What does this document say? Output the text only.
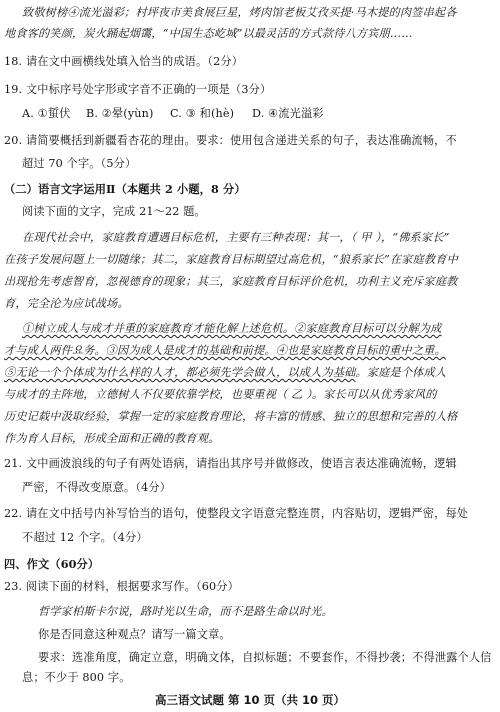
致敬树榜④流光溢彩；村坪夜市美食展巨星，烤肉馆老板艾孜买提·马木提的肉签串起各
地食客的笑颜，炭火踊起烟霭，“中国生态屹城”以最灵活的方式款待八方宾朋……
18. 请在文中画横线处填入恰当的成语。（2分）
19. 文中标序号处字形或字音不正确的一项是（3分）
A. ①蜇伏 B. ②晕(yùn) C. ③ 和(hè) D. ④流光溢彩
20. 请简要概括到新疆看杏花的理由。要求：使用包含递进关系的句子，表达准确流畅，不
超过 70 个字。（5分）
（二）语言文字运用Ⅱ（本题共 2 小题，8 分）
阅读下面的文字，完成 21～22 题。
在现代社会中，家庭教育遭遇目标危机，主要有三种表现：其一，（ 甲 ），“佛系家长”
在孩子发展问题上一切随缘；其二，家庭教育目标期望过高危机，“狼系家长”在家庭教育中
出现抢先考虑智育，忽视德育的现象；其三，家庭教育目标评价危机，功利主义充斥家庭教
育，完全沦为应试战场。
①树立成人与成才并重的家庭教育才能化解上述危机。②家庭教育目标可以分解为成
才与成人两件요务。③因为成人是成才的基础和前提。④也是家庭教育目标的重中之重。
⑤无论一个个体成为什么样的人才，都必须先学会做人，以成人为基础。家庭是个体成人
与成才的主阵地，立德树人不仅要依靠学校，也要重视（ 乙 ）。家长可以从优秀家风的
历史记载中汲取经验，掌握一定的家庭教育理论，将丰富的情感、独立的思想和完善的人格
作为育人目标，形成全面和正确的教育观。
21. 文中画波浪线的句子有两处语病，请指出其序号并做修改，使语言表达准确流畅，逻辑
严密，不得改变原意。（4分）
22. 请在文中括号内补写恰当的语句，使整段文字语意完整连贯，内容贴切，逻辑严密，每处
不超过 12 个字。（4分）
四、作文（60分）
23. 阅读下面的材料，根据要求写作。（60分）
哲学家柏斯卡尔说，路时光以生命，而不是路生命以时光。
你是否同意这种观点？请写一篇文章。
要求：选准角度，确定立意，明确文体，自拟标题；不要套作，不得抄袭；不得泄露个人信
息；不少于 800 字。
高三语文试题 第 10 页（共 10 页）
